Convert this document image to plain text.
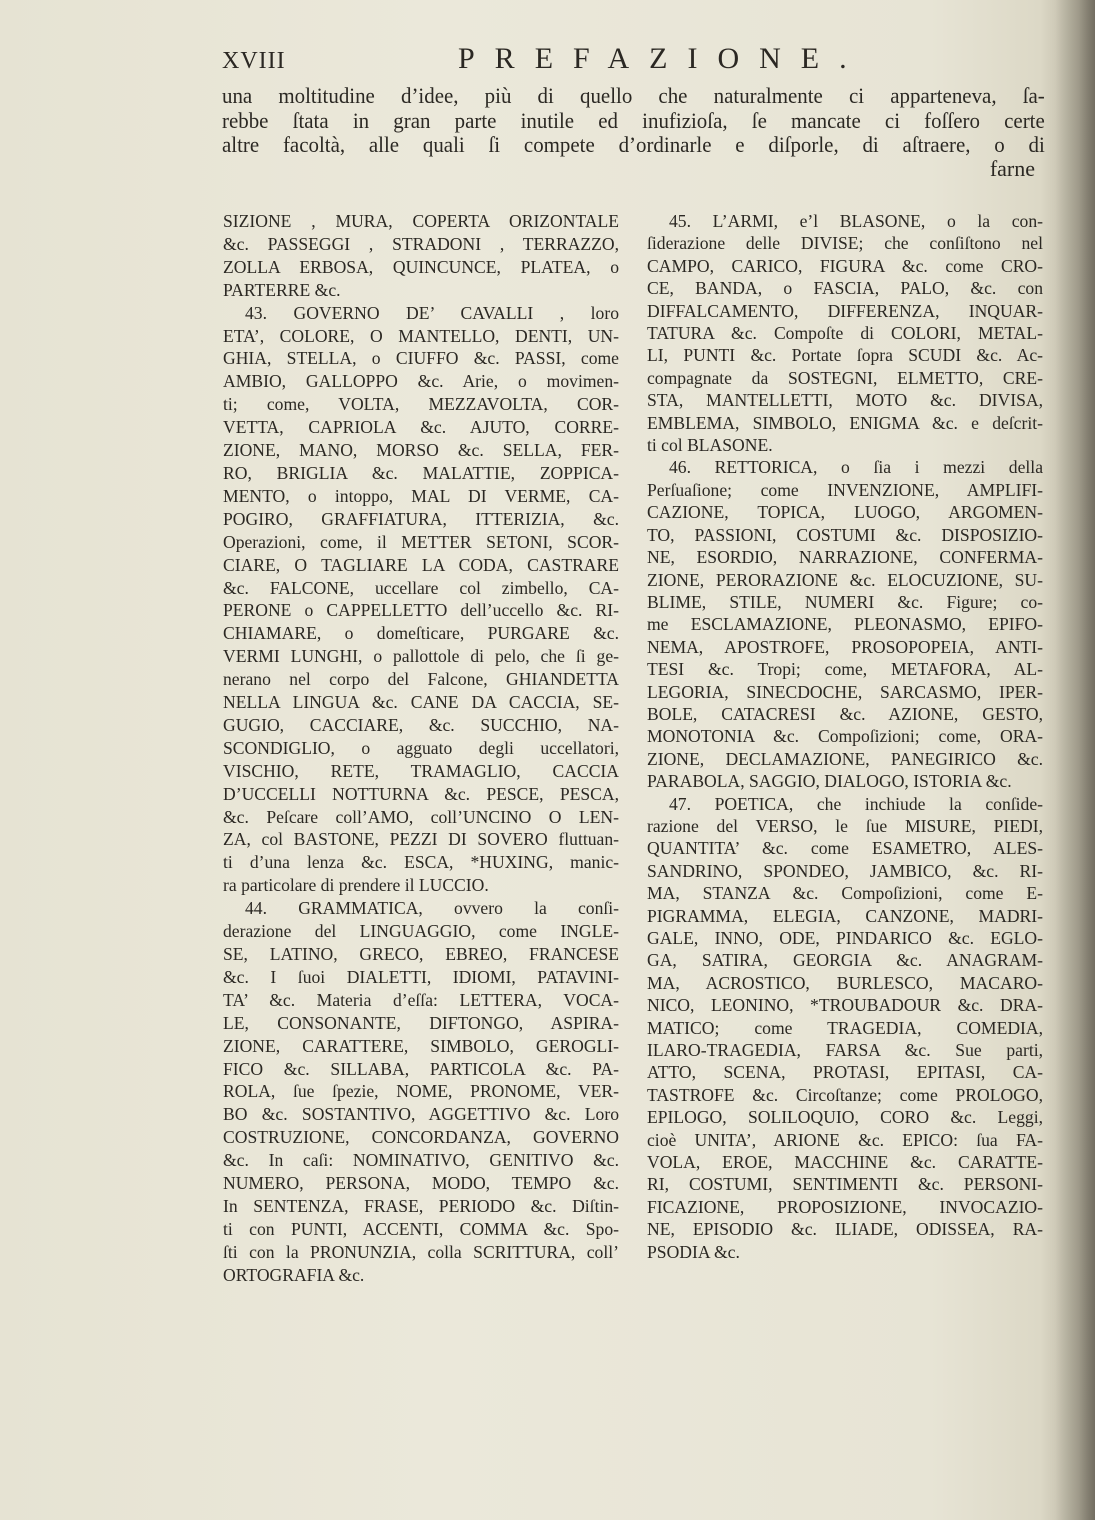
XVIII	PREFAZIONE.
una moltitudine d’idee, più di quello che naturalmente ci apparteneva, ſa-
rebbe ſtata in gran parte inutile ed inufizioſa, ſe mancate ci foſſero certe
altre facoltà, alle quali ſi compete d’ordinarle e diſporle, di aſtraere, o di
farne
SIZIONE , MURA, COPERTA ORIZONTALE
&c. PASSEGGI , STRADONI , TERRAZZO,
ZOLLA ERBOSA, QUINCUNCE, PLATEA, o
PARTERRE &c.
43. GOVERNO DE’ CAVALLI , loro
ETA’, COLORE, O MANTELLO, DENTI, UN-
GHIA, STELLA, o CIUFFO &c. PASSI, come
AMBIO, GALLOPPO &c. Arie, o movimen-
ti; come, VOLTA, MEZZAVOLTA, COR-
VETTA, CAPRIOLA &c. AJUTO, CORRE-
ZIONE, MANO, MORSO &c. SELLA, FER-
RO, BRIGLIA &c. MALATTIE, ZOPPICA-
MENTO, o intoppo, MAL DI VERME, CA-
POGIRO, GRAFFIATURA, ITTERIZIA, &c.
Operazioni, come, il METTER SETONI, SCOR-
CIARE, O TAGLIARE LA CODA, CASTRARE
&c. FALCONE, uccellare col zimbello, CA-
PERONE o CAPPELLETTO dell’uccello &c. RI-
CHIAMARE, o domeſticare, PURGARE &c.
VERMI LUNGHI, o pallottole di pelo, che ſi ge-
nerano nel corpo del Falcone, GHIANDETTA
NELLA LINGUA &c. CANE DA CACCIA, SE-
GUGIO, CACCIARE, &c. SUCCHIO, NA-
SCONDIGLIO, o agguato degli uccellatori,
VISCHIO, RETE, TRAMAGLIO, CACCIA
D’UCCELLI NOTTURNA &c. PESCE, PESCA,
&c. Peſcare coll’AMO, coll’UNCINO O LEN-
ZA, col BASTONE, PEZZI DI SOVERO fluttuan-
ti d’una lenza &c. ESCA, *HUXING, manic-
ra particolare di prendere il LUCCIO.
44. GRAMMATICA, ovvero la conſi-
derazione del LINGUAGGIO, come INGLE-
SE, LATINO, GRECO, EBREO, FRANCESE
&c. I ſuoi DIALETTI, IDIOMI, PATAVINI-
TA’ &c. Materia d’eſſa: LETTERA, VOCA-
LE, CONSONANTE, DIFTONGO, ASPIRA-
ZIONE, CARATTERE, SIMBOLO, GEROGLI-
FICO &c. SILLABA, PARTICOLA &c. PA-
ROLA, ſue ſpezie, NOME, PRONOME, VER-
BO &c. SOSTANTIVO, AGGETTIVO &c. Loro
COSTRUZIONE, CONCORDANZA, GOVERNO
&c. In caſi: NOMINATIVO, GENITIVO &c.
NUMERO, PERSONA, MODO, TEMPO &c.
In SENTENZA, FRASE, PERIODO &c. Diſtin-
ti con PUNTI, ACCENTI, COMMA &c. Spo-
ſti con la PRONUNZIA, colla SCRITTURA, coll’
ORTOGRAFIA &c.
45. L’ARMI, e’l BLASONE, o la con-
ſiderazione delle DIVISE; che conſiſtono nel
CAMPO, CARICO, FIGURA &c. come CRO-
CE, BANDA, o FASCIA, PALO, &c. con
DIFFALCAMENTO, DIFFERENZA, INQUAR-
TATURA &c. Compoſte di COLORI, METAL-
LI, PUNTI &c. Portate ſopra SCUDI &c. Ac-
compagnate da SOSTEGNI, ELMETTO, CRE-
STA, MANTELLETTI, MOTO &c. DIVISA,
EMBLEMA, SIMBOLO, ENIGMA &c. e deſcrit-
ti col BLASONE.
46. RETTORICA, o ſia i mezzi della
Perſuaſione; come INVENZIONE, AMPLIFI-
CAZIONE, TOPICA, LUOGO, ARGOMEN-
TO, PASSIONI, COSTUMI &c. DISPOSIZIO-
NE, ESORDIO, NARRAZIONE, CONFERMA-
ZIONE, PERORAZIONE &c. ELOCUZIONE, SU-
BLIME, STILE, NUMERI &c. Figure; co-
me ESCLAMAZIONE, PLEONASMO, EPIFO-
NEMA, APOSTROFE, PROSOPOPEIA, ANTI-
TESI &c. Tropi; come, METAFORA, AL-
LEGORIA, SINECDOCHE, SARCASMO, IPER-
BOLE, CATACRESI &c. AZIONE, GESTO,
MONOTONIA &c. Compoſizioni; come, ORA-
ZIONE, DECLAMAZIONE, PANEGIRICO &c.
PARABOLA, SAGGIO, DIALOGO, ISTORIA &c.
47. POETICA, che inchiude la conſide-
razione del VERSO, le ſue MISURE, PIEDI,
QUANTITA’ &c. come ESAMETRO, ALES-
SANDRINO, SPONDEO, JAMBICO, &c. RI-
MA, STANZA &c. Compoſizioni, come E-
PIGRAMMA, ELEGIA, CANZONE, MADRI-
GALE, INNO, ODE, PINDARICO &c. EGLO-
GA, SATIRA, GEORGIA &c. ANAGRAM-
MA, ACROSTICO, BURLESCO, MACARO-
NICO, LEONINO, *TROUBADOUR &c. DRA-
MATICO; come TRAGEDIA, COMEDIA,
ILARO-TRAGEDIA, FARSA &c. Sue parti,
ATTO, SCENA, PROTASI, EPITASI, CA-
TASTROFE &c. Circoſtanze; come PROLOGO,
EPILOGO, SOLILOQUIO, CORO &c. Leggi,
cioè UNITA’, ARIONE &c. EPICO: ſua FA-
VOLA, EROE, MACCHINE &c. CARATTE-
RI, COSTUMI, SENTIMENTI &c. PERSONI-
FICAZIONE, PROPOSIZIONE, INVOCAZIO-
NE, EPISODIO &c. ILIADE, ODISSEA, RA-
PSODIA &c.
